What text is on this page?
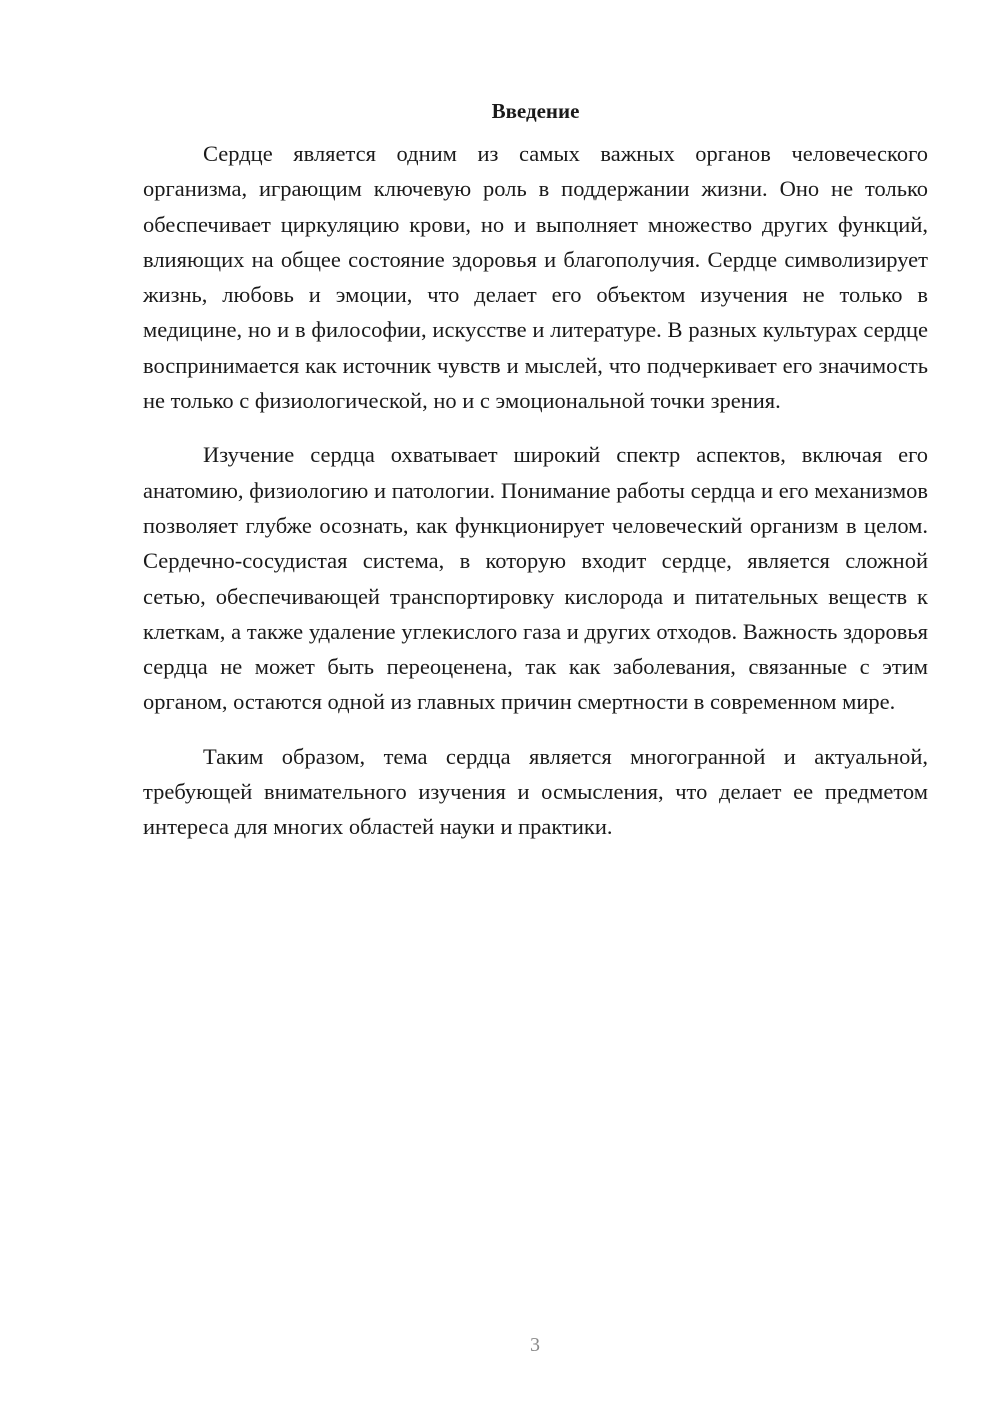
Введение

Сердце является одним из самых важных органов человеческого организма, играющим ключевую роль в поддержании жизни. Оно не только обеспечивает циркуляцию крови, но и выполняет множество других функций, влияющих на общее состояние здоровья и благополучия. Сердце символизирует жизнь, любовь и эмоции, что делает его объектом изучения не только в медицине, но и в философии, искусстве и литературе. В разных культурах сердце воспринимается как источник чувств и мыслей, что подчеркивает его значимость не только с физиологической, но и с эмоциональной точки зрения.

Изучение сердца охватывает широкий спектр аспектов, включая его анатомию, физиологию и патологии. Понимание работы сердца и его механизмов позволяет глубже осознать, как функционирует человеческий организм в целом. Сердечно-сосудистая система, в которую входит сердце, является сложной сетью, обеспечивающей транспортировку кислорода и питательных веществ к клеткам, а также удаление углекислого газа и других отходов. Важность здоровья сердца не может быть переоценена, так как заболевания, связанные с этим органом, остаются одной из главных причин смертности в современном мире.

Таким образом, тема сердца является многогранной и актуальной, требующей внимательного изучения и осмысления, что делает ее предметом интереса для многих областей науки и практики.

3
